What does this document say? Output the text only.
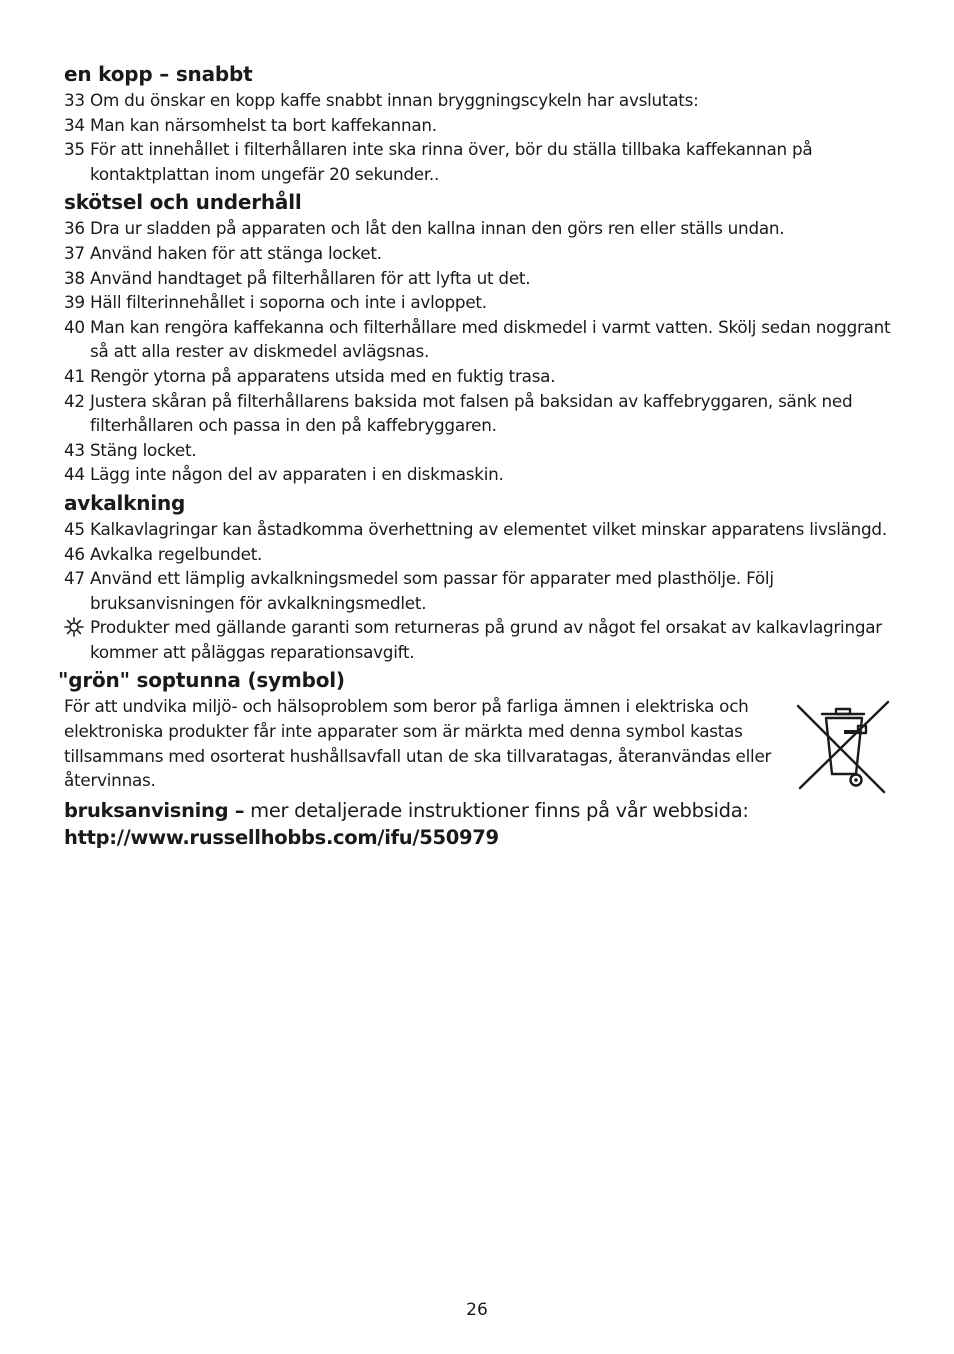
en kopp – snabbt
33 Om du önskar en kopp kaffe snabbt innan bryggningscykeln har avslutats:
34 Man kan närsomhelst ta bort kaffekannan.
35 För att innehållet i filterhållaren inte ska rinna över, bör du ställa tillbaka kaffekannan på kontaktplattan inom ungefär 20 sekunder..
skötsel och underhåll
36 Dra ur sladden på apparaten och låt den kallna innan den görs ren eller ställs undan.
37 Använd haken för att stänga locket.
38 Använd handtaget på filterhållaren för att lyfta ut det.
39 Häll filterinnehållet i soporna och inte i avloppet.
40 Man kan rengöra kaffekanna och filterhållare med diskmedel i varmt vatten. Skölj sedan noggrant så att alla rester av diskmedel avlägsnas.
41 Rengör ytorna på apparatens utsida med en fuktig trasa.
42 Justera skåran på filterhållarens baksida mot falsen på baksidan av kaffebryggaren, sänk ned filterhållaren och passa in den på kaffebryggaren.
43 Stäng locket.
44 Lägg inte någon del av apparaten i en diskmaskin.
avkalkning
45 Kalkavlagringar kan åstadkomma överhettning av elementet vilket minskar apparatens livslängd.
46 Avkalka regelbundet.
47 Använd ett lämplig avkalkningsmedel som passar för apparater med plasthölje. Följ bruksanvisningen för avkalkningsmedlet.
Produkter med gällande garanti som returneras på grund av något fel orsakat av kalkavlagringar kommer att påläggas reparationsavgift.
"grön" soptunna (symbol)

För att undvika miljö- och hälsoproblem som beror på farliga ämnen i elektriska och elektroniska produkter får inte apparater som är märkta med denna symbol kastas tillsammans med osorterat hushållsavfall utan de ska tillvaratagas, återanvändas eller återvinnas.

bruksanvisning – mer detaljerade instruktioner finns på vår webbsida:
http://www.russellhobbs.com/ifu/550979
26
